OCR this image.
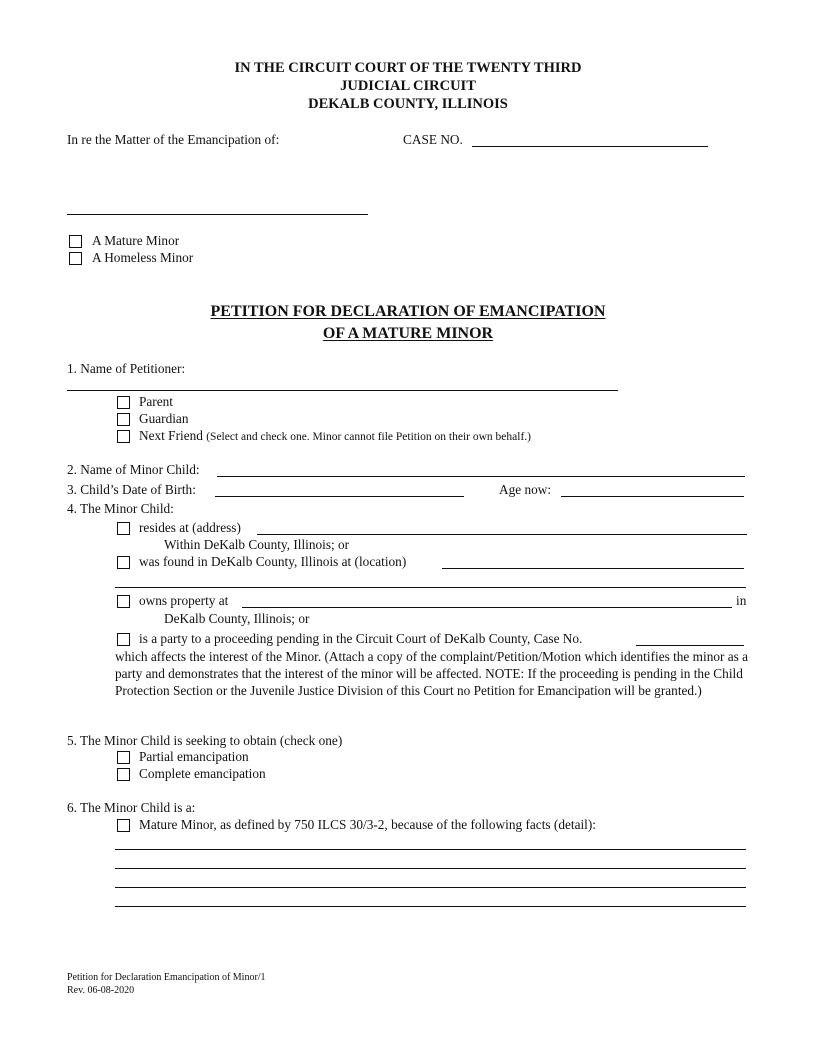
IN THE CIRCUIT COURT OF THE TWENTY THIRD
JUDICIAL CIRCUIT
DEKALB COUNTY, ILLINOIS
In re the Matter of the Emancipation of:	CASE NO.
A Mature Minor
A Homeless Minor
PETITION FOR DECLARATION OF EMANCIPATION
OF A MATURE MINOR
1. Name of Petitioner:
Parent
Guardian
Next Friend (Select and check one. Minor cannot file Petition on their own behalf.)
2. Name of Minor Child:
3. Child’s Date of Birth:	Age now:
4. The Minor Child:
resides at (address)
Within DeKalb County, Illinois; or
was found in DeKalb County, Illinois at (location)
owns property at	in
DeKalb County, Illinois; or
is a party to a proceeding pending in the Circuit Court of DeKalb County, Case No.
which affects the interest of the Minor. (Attach a copy of the complaint/Petition/Motion which identifies the minor as a party and demonstrates that the interest of the minor will be affected. NOTE: If the proceeding is pending in the Child Protection Section or the Juvenile Justice Division of this Court no Petition for Emancipation will be granted.)
5. The Minor Child is seeking to obtain (check one)
Partial emancipation
Complete emancipation
6. The Minor Child is a:
Mature Minor, as defined by 750 ILCS 30/3-2, because of the following facts (detail):
Petition for Declaration Emancipation of Minor/1
Rev. 06-08-2020
